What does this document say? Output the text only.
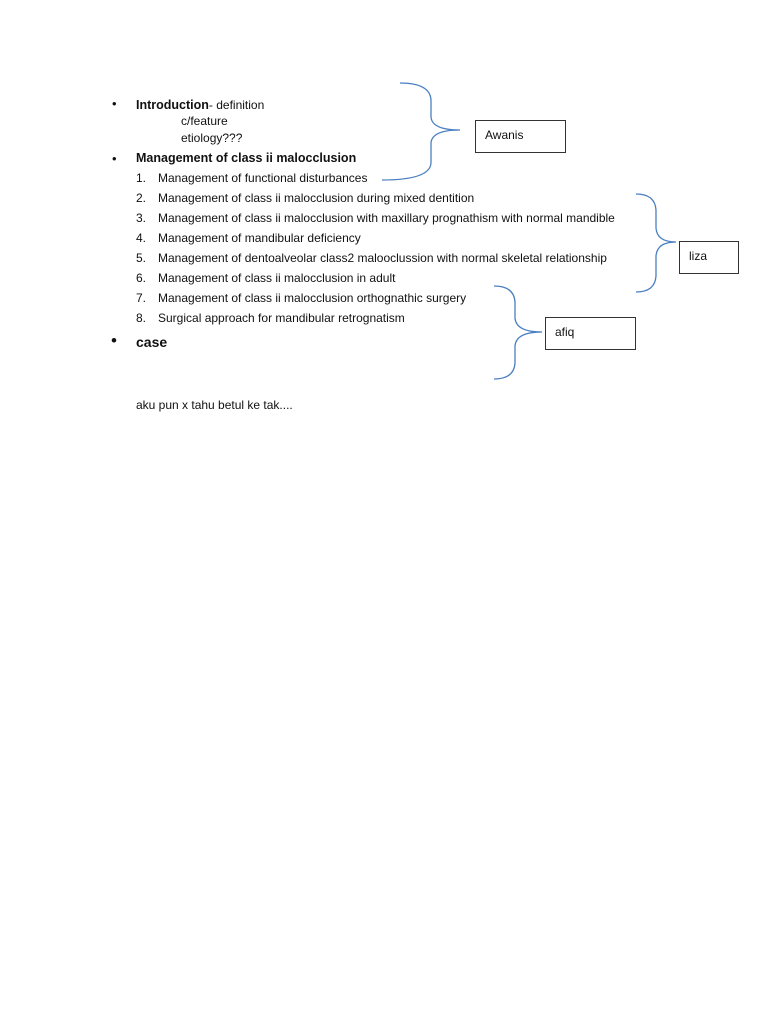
• Introduction- definition
c/feature
etiology???
• Management of class ii malocclusion
1. Management of functional disturbances
2. Management of class ii malocclusion during mixed dentition
3. Management of class ii malocclusion with maxillary prognathism with normal mandible
4. Management of mandibular deficiency
5. Management of dentoalveolar class2 malooclussion with normal skeletal relationship
6. Management of class ii malocclusion in adult
7. Management of class ii malocclusion orthognathic surgery
8. Surgical approach for mandibular retrognatism
• case
aku pun x tahu betul ke tak....
Awanis
liza
afiq
